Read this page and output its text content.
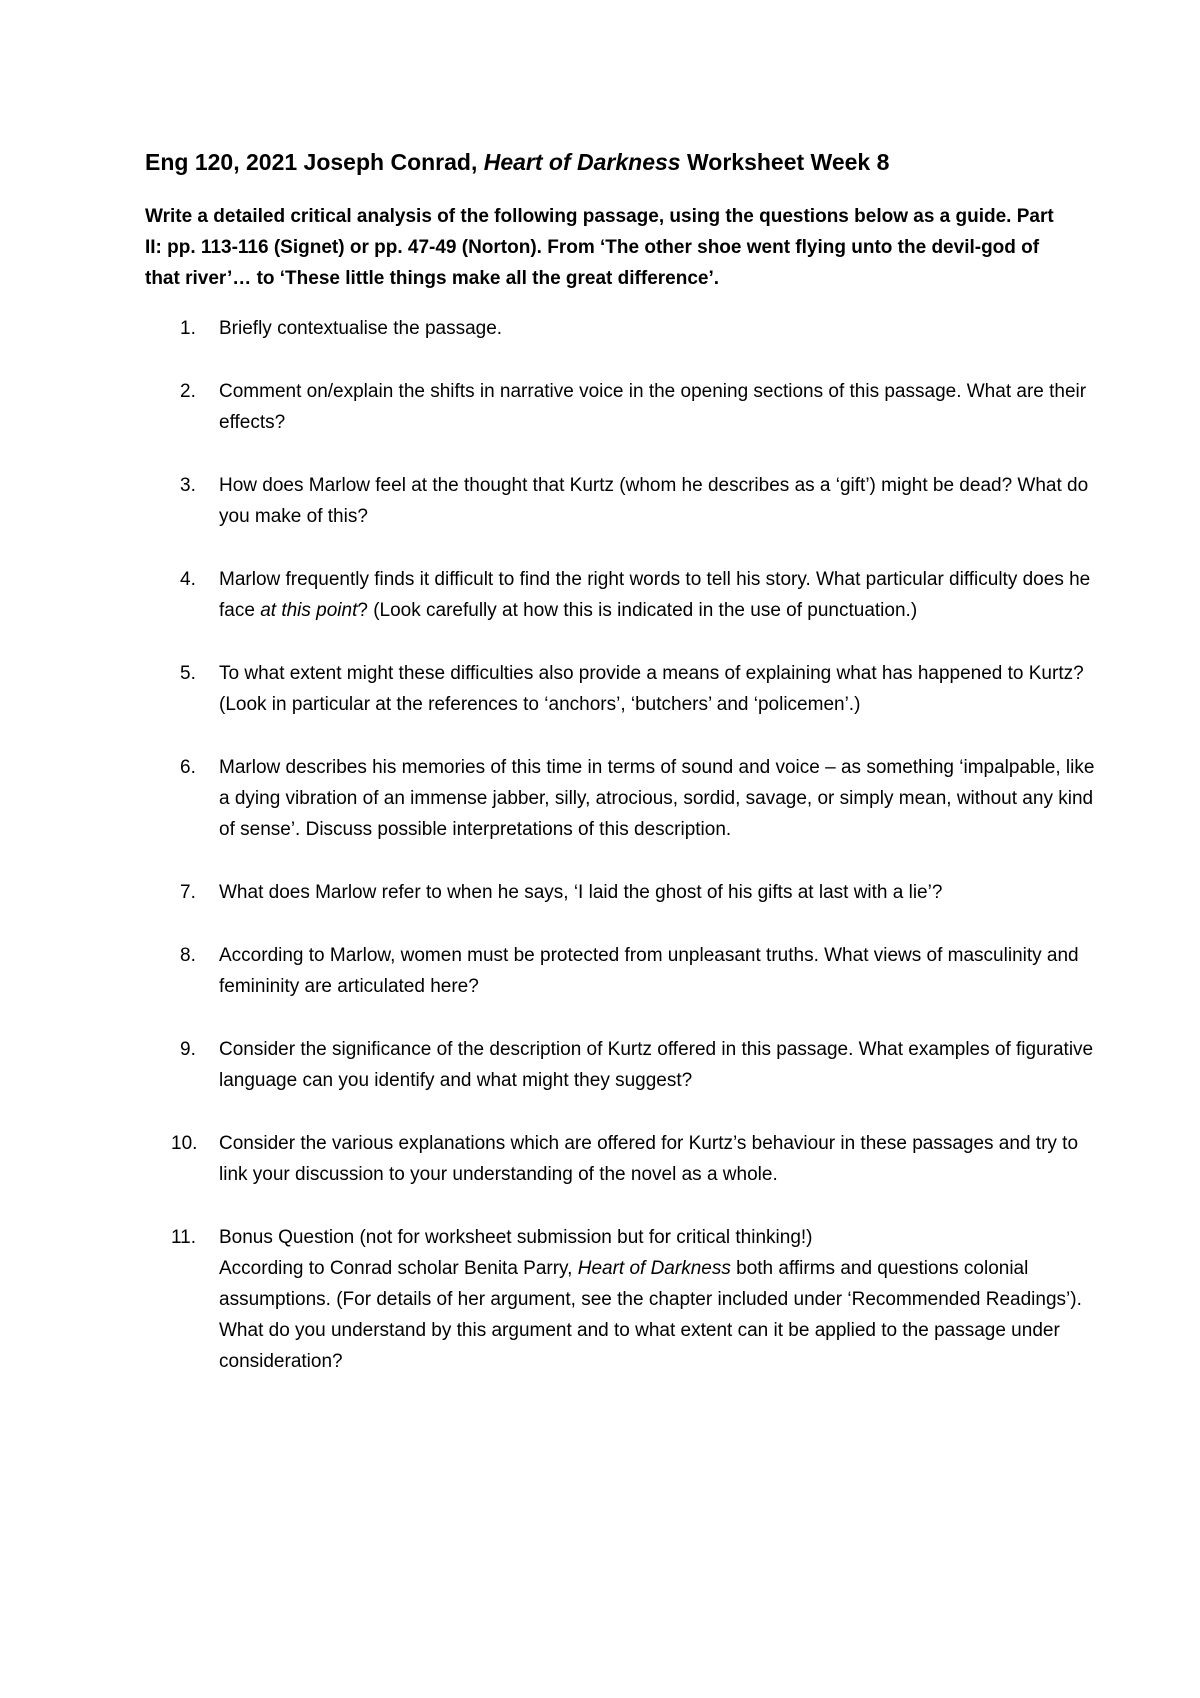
Eng 120, 2021 Joseph Conrad, Heart of Darkness Worksheet Week 8
Write a detailed critical analysis of the following passage, using the questions below as a guide. Part II: pp. 113-116 (Signet) or pp. 47-49 (Norton). From ‘The other shoe went flying unto the devil-god of that river’… to ‘These little things make all the great difference’.
1.	Briefly contextualise the passage.
2.	Comment on/explain the shifts in narrative voice in the opening sections of this passage. What are their effects?
3.	How does Marlow feel at the thought that Kurtz (whom he describes as a ‘gift’) might be dead? What do you make of this?
4.	Marlow frequently finds it difficult to find the right words to tell his story. What particular difficulty does he face at this point? (Look carefully at how this is indicated in the use of punctuation.)
5.	To what extent might these difficulties also provide a means of explaining what has happened to Kurtz? (Look in particular at the references to ‘anchors’, ‘butchers’ and ‘policemen’.)
6.	Marlow describes his memories of this time in terms of sound and voice – as something ‘impalpable, like a dying vibration of an immense jabber, silly, atrocious, sordid, savage, or simply mean, without any kind of sense’. Discuss possible interpretations of this description.
7.	What does Marlow refer to when he says, ‘I laid the ghost of his gifts at last with a lie’?
8.	According to Marlow, women must be protected from unpleasant truths. What views of masculinity and femininity are articulated here?
9.	Consider the significance of the description of Kurtz offered in this passage. What examples of figurative language can you identify and what might they suggest?
10.	Consider the various explanations which are offered for Kurtz’s behaviour in these passages and try to link your discussion to your understanding of the novel as a whole.
11.	Bonus Question (not for worksheet submission but for critical thinking!)
According to Conrad scholar Benita Parry, Heart of Darkness both affirms and questions colonial assumptions. (For details of her argument, see the chapter included under ‘Recommended Readings’). What do you understand by this argument and to what extent can it be applied to the passage under consideration?
